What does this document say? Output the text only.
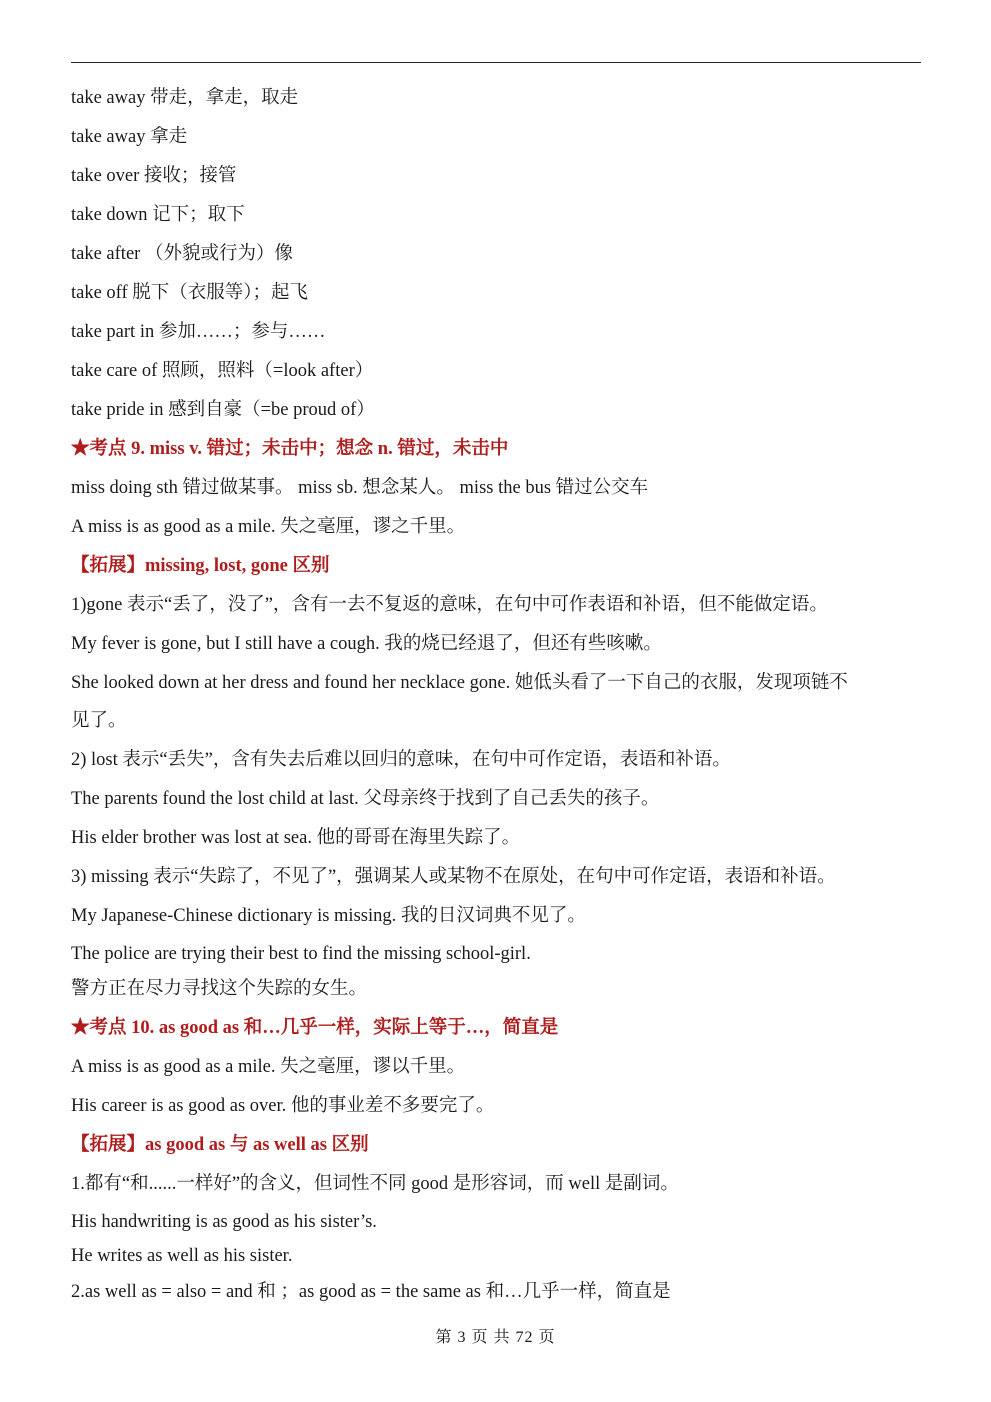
take away 带走，拿走，取走
take away 拿走
take over 接收；接管
take down 记下；取下
take after （外貌或行为）像
take off 脱下（衣服等）；起飞
take part in 参加……；参与……
take care of 照顾，照料（=look after）
take pride in 感到自豪（=be proud of）
★考点 9. miss v. 错过；未击中；想念 n. 错过，未击中
miss doing sth 错过做某事。 miss sb. 想念某人。 miss the bus 错过公交车
A miss is as good as a mile. 失之毫厘，谬之千里。
【拓展】missing, lost, gone 区别
1)gone 表示“丢了，没了”，含有一去不复返的意味，在句中可作表语和补语，但不能做定语。
My fever is gone, but I still have a cough. 我的烧已经退了，但还有些咳嗽。
She looked down at her dress and found her necklace gone. 她低头看了一下自己的衣服，发现项链不
见了。
2) lost 表示“丢失”，含有失去后难以回归的意味，在句中可作定语，表语和补语。
The parents found the lost child at last. 父母亲终于找到了自己丢失的孩子。
His elder brother was lost at sea. 他的哥哥在海里失踪了。
3) missing 表示“失踪了，不见了”，强调某人或某物不在原处，在句中可作定语，表语和补语。
My Japanese-Chinese dictionary is missing. 我的日汉词典不见了。
The police are trying their best to find the missing school-girl.
警方正在尽力寻找这个失踪的女生。
★考点 10. as good as 和…几乎一样，实际上等于…，简直是
A miss is as good as a mile. 失之毫厘，谬以千里。
His career is as good as over. 他的事业差不多要完了。
【拓展】as good as 与 as well as 区别
1.都有“和......一样好”的含义，但词性不同 good 是形容词，而 well 是副词。
His handwriting is as good as his sister’s.
He writes as well as his sister.
2.as well as = also = and 和 ；as good as = the same as 和…几乎一样，简直是
第 3 页 共 72 页
